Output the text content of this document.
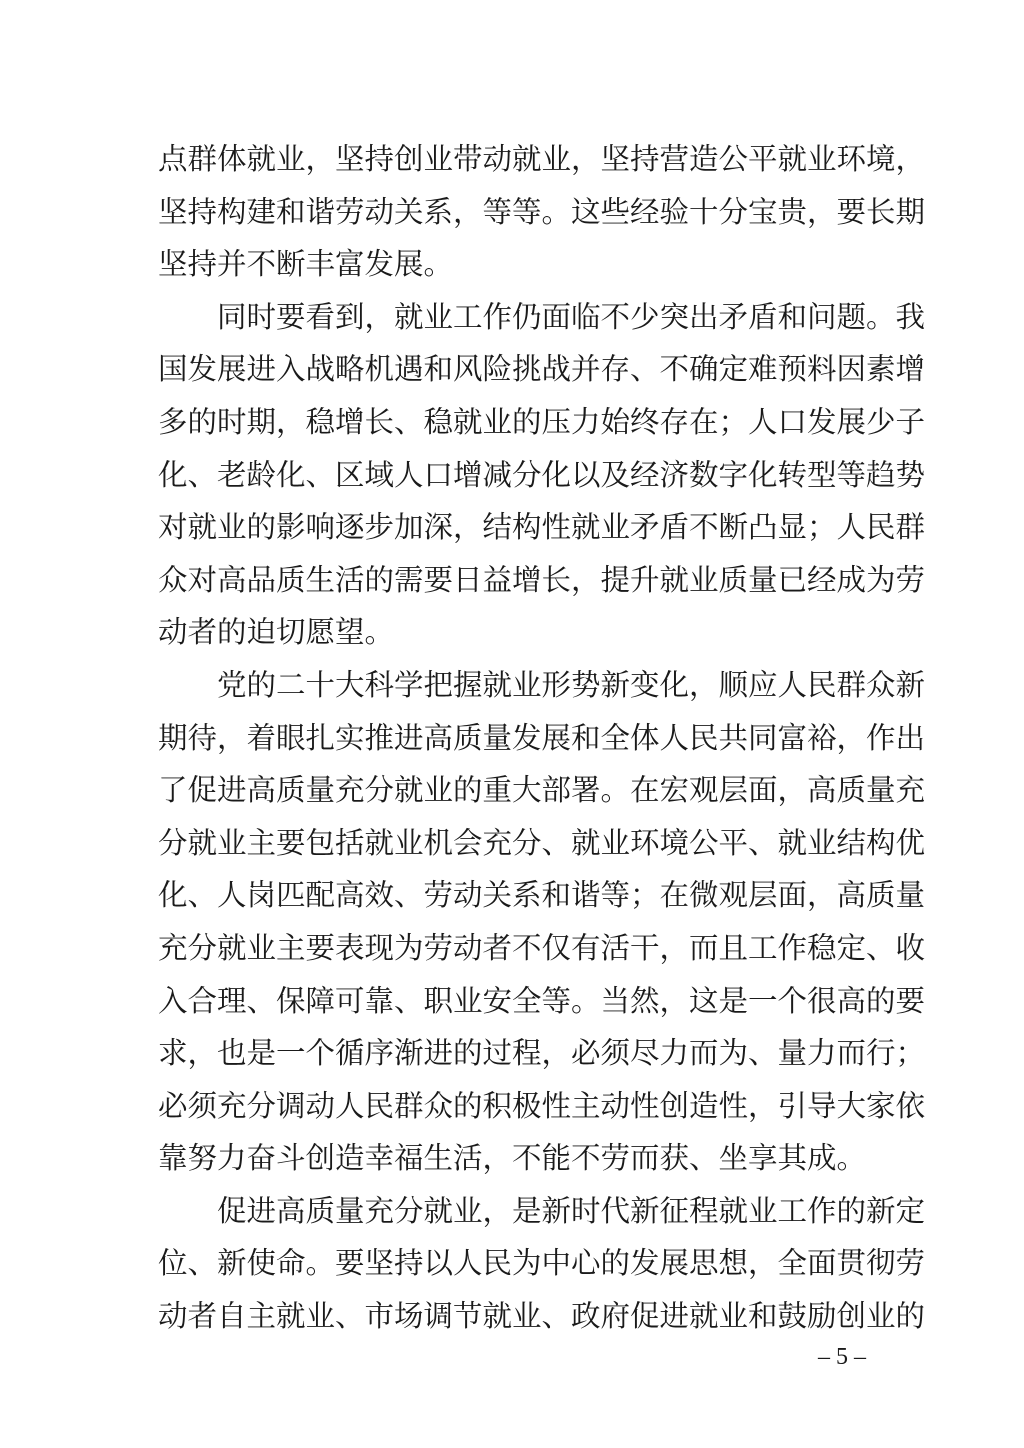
点群体就业，坚持创业带动就业，坚持营造公平就业环境，
坚持构建和谐劳动关系，等等。这些经验十分宝贵，要长期
坚持并不断丰富发展。
　　同时要看到，就业工作仍面临不少突出矛盾和问题。我
国发展进入战略机遇和风险挑战并存、不确定难预料因素增
多的时期，稳增长、稳就业的压力始终存在；人口发展少子
化、老龄化、区域人口增减分化以及经济数字化转型等趋势
对就业的影响逐步加深，结构性就业矛盾不断凸显；人民群
众对高品质生活的需要日益增长，提升就业质量已经成为劳
动者的迫切愿望。
　　党的二十大科学把握就业形势新变化，顺应人民群众新
期待，着眼扎实推进高质量发展和全体人民共同富裕，作出
了促进高质量充分就业的重大部署。在宏观层面，高质量充
分就业主要包括就业机会充分、就业环境公平、就业结构优
化、人岗匹配高效、劳动关系和谐等；在微观层面，高质量
充分就业主要表现为劳动者不仅有活干，而且工作稳定、收
入合理、保障可靠、职业安全等。当然，这是一个很高的要
求，也是一个循序渐进的过程，必须尽力而为、量力而行；
必须充分调动人民群众的积极性主动性创造性，引导大家依
靠努力奋斗创造幸福生活，不能不劳而获、坐享其成。
　　促进高质量充分就业，是新时代新征程就业工作的新定
位、新使命。要坚持以人民为中心的发展思想，全面贯彻劳
动者自主就业、市场调节就业、政府促进就业和鼓励创业的
– 5 –
